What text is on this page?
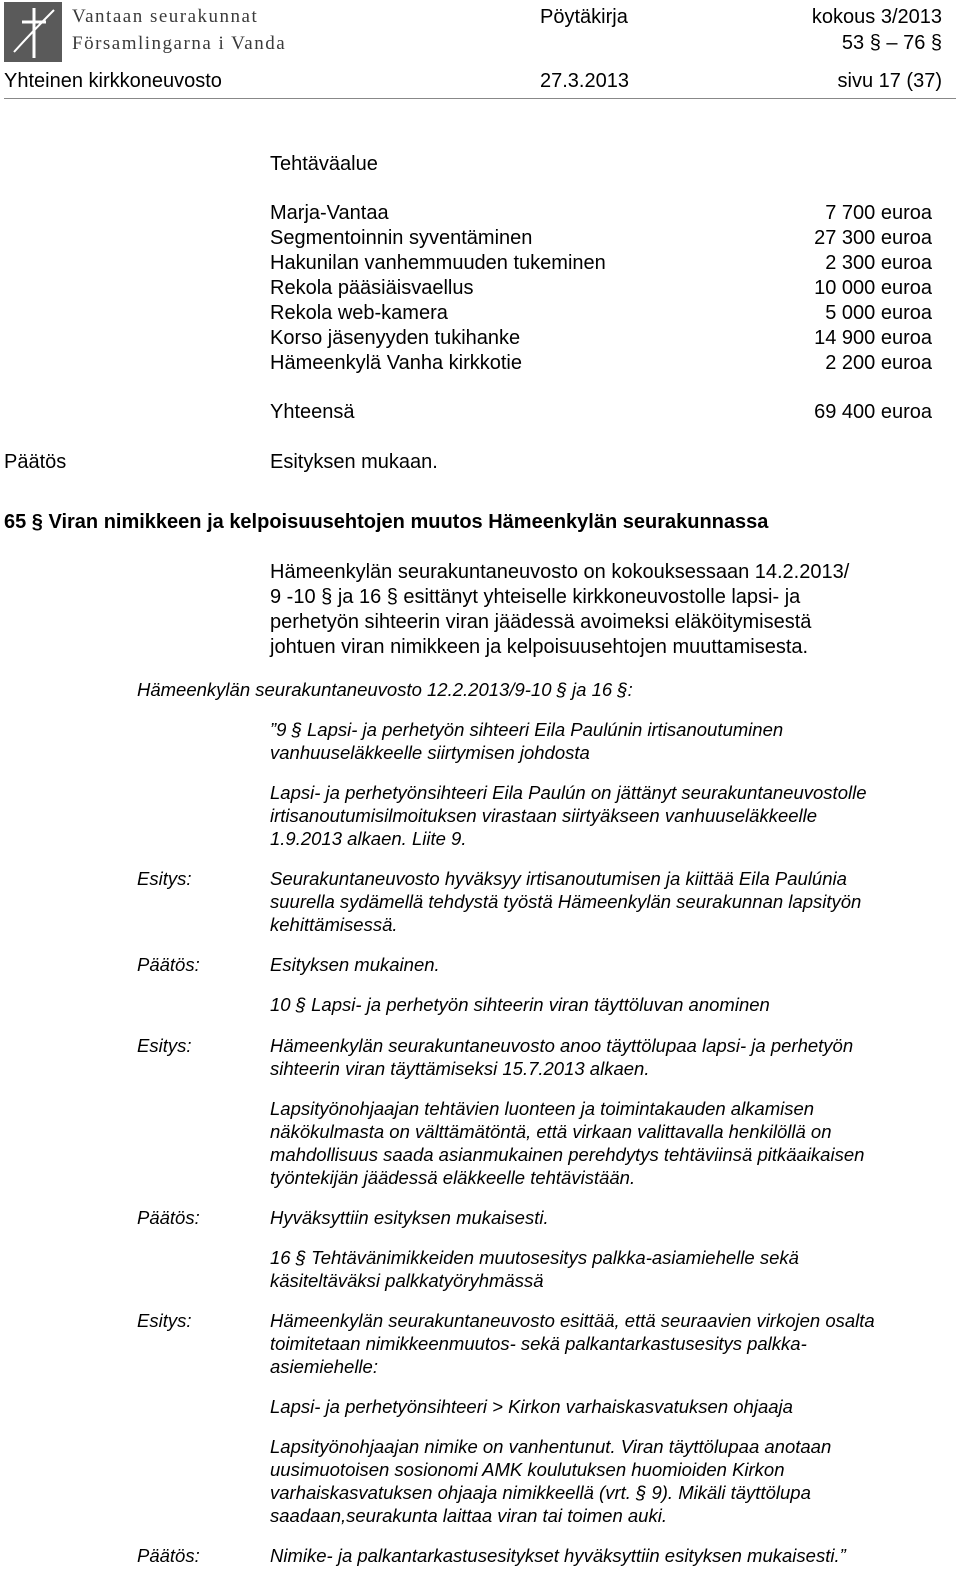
Vantaan seurakunnat
Församlingarna i Vanda
Pöytäkirja	kokous 3/2013
53 § – 76 §
Yhteinen kirkkoneuvosto	27.3.2013	sivu 17 (37)
Tehtäväalue
Marja-Vantaa	7 700 euroa
Segmentoinnin syventäminen	27 300 euroa
Hakunilan vanhemmuuden tukeminen	2 300 euroa
Rekola pääsiäisvaellus	10 000 euroa
Rekola web-kamera	5 000 euroa
Korso jäsenyyden tukihanke	14 900 euroa
Hämeenkylä Vanha kirkkotie	2 200 euroa
Yhteensä	69 400 euroa
Päätös	Esityksen mukaan.
65 § Viran nimikkeen ja kelpoisuusehtojen muutos Hämeenkylän seurakunnassa
Hämeenkylän seurakuntaneuvosto on kokouksessaan 14.2.2013/
9 -10 § ja 16 § esittänyt yhteiselle kirkkoneuvostolle lapsi- ja
perhetyön sihteerin viran jäädessä avoimeksi eläköitymisestä
johtuen viran nimikkeen ja kelpoisuusehtojen muuttamisesta.
Hämeenkylän seurakuntaneuvosto 12.2.2013/9-10 § ja 16 §:
”9 § Lapsi- ja perhetyön sihteeri Eila Paulúnin irtisanoutuminen
vanhuuseläkkeelle siirtymisen johdosta
Lapsi- ja perhetyönsihteeri Eila Paulún on jättänyt seurakuntaneuvostolle
irtisanoutumisilmoituksen virastaan siirtyäkseen vanhuuseläkkeelle
1.9.2013 alkaen. Liite 9.
Esitys:	Seurakuntaneuvosto hyväksyy irtisanoutumisen ja kiittää Eila Paulúnia
suurella sydämellä tehdystä työstä Hämeenkylän seurakunnan lapsityön
kehittämisessä.
Päätös:	Esityksen mukainen.
10 § Lapsi- ja perhetyön sihteerin viran täyttöluvan anominen
Esitys:	Hämeenkylän seurakuntaneuvosto anoo täyttölupaa lapsi- ja perhetyön
sihteerin viran täyttämiseksi 15.7.2013 alkaen.
Lapsityönohjaajan tehtävien luonteen ja toimintakauden alkamisen
näkökulmasta on välttämätöntä, että virkaan valittavalla henkilöllä on
mahdollisuus saada asianmukainen perehdytys tehtäviinsä pitkäaikaisen
työntekijän jäädessä eläkkeelle tehtävistään.
Päätös:	Hyväksyttiin esityksen mukaisesti.
16 § Tehtävänimikkeiden muutosesitys palkka-asiamiehelle sekä
käsiteltäväksi palkkatyöryhmässä
Esitys:	Hämeenkylän seurakuntaneuvosto esittää, että seuraavien virkojen osalta
toimitetaan nimikkeenmuutos- sekä palkantarkastusesitys palkka-
asiemiehelle:
Lapsi- ja perhetyönsihteeri > Kirkon varhaiskasvatuksen ohjaaja
Lapsityönohjaajan nimike on vanhentunut. Viran täyttölupaa anotaan
uusimuotoisen sosionomi AMK koulutuksen huomioiden Kirkon
varhaiskasvatuksen ohjaaja nimikkeellä (vrt. § 9). Mikäli täyttölupa
saadaan,seurakunta laittaa viran tai toimen auki.
Päätös:	Nimike- ja palkantarkastusesitykset hyväksyttiin esityksen mukaisesti.”
